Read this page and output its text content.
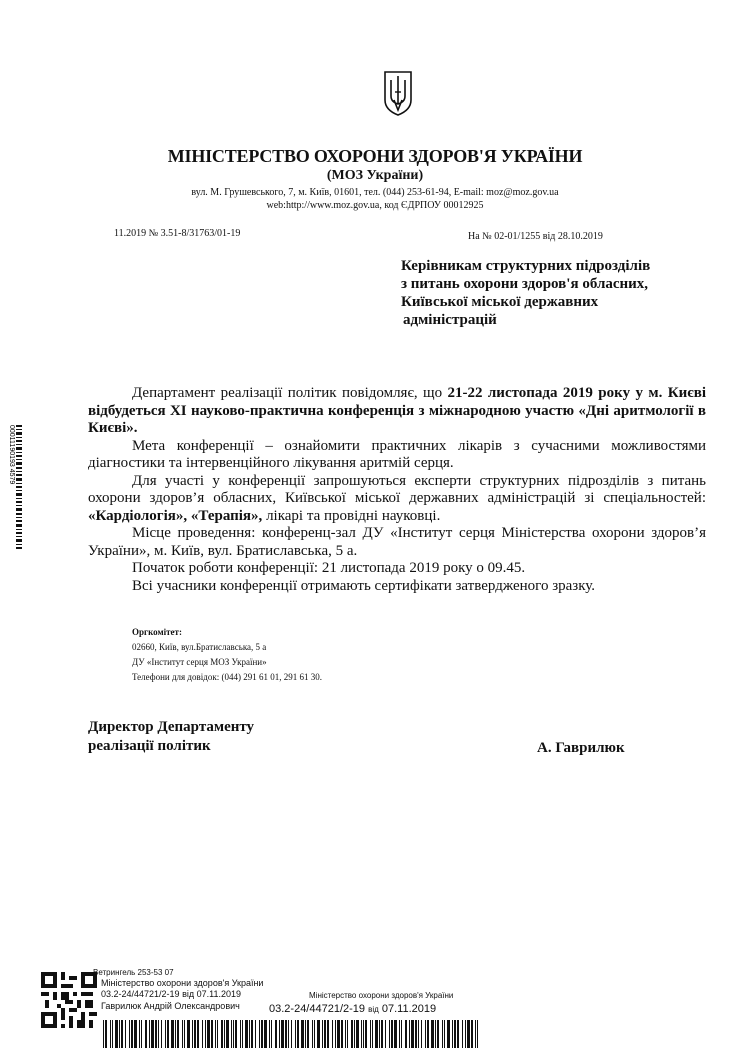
МІНІСТЕРСТВО ОХОРОНИ ЗДОРОВ'Я УКРАЇНИ
(МОЗ України)
вул. М. Грушевського, 7, м. Київ, 01601, тел. (044) 253-61-94, E-mail: moz@moz.gov.ua
web:http://www.moz.gov.ua, код ЄДРПОУ 00012925
11.2019 № 3.51-8/31763/01-19	На № 02-01/1255 від 28.10.2019
Керівникам структурних підрозділів
з питань охорони здоров'я обласних,
Київської міської державних
адміністрацій

Департамент реалізації політик повідомляє, що 21-22 листопада 2019 року у м. Києві відбудеться XI науково-практична конференція з міжнародною участю «Дні аритмології в Києві».

Мета конференції – ознайомити практичних лікарів з сучасними можливостями діагностики та інтервенційного лікування аритмій серця.

Для участі у конференції запрошуються експерти структурних підрозділів з питань охорони здоров’я обласних, Київської міської державних адміністрацій зі спеціальностей: «Кардіологія», «Терапія», лікарі та провідні науковці.

Місце проведення: конференц-зал ДУ «Інститут серця Міністерства охорони здоров’я України», м. Київ, вул. Братиславська, 5 а.

Початок роботи конференції: 21 листопада 2019 року о 09.45.

Всі учасники конференції отримають сертифікати затвердженого зразку.

Оргкомітет:
02660, Київ, вул.Братиславська, 5 а
ДУ «Інститут серця МОЗ України»
Телефони для довідок: (044) 291 61 01, 291 61 30.
Директор Департаменту
реалізації політик	А. Гаврилюк
00011190193 4579
Ветрингель 253-53 07
Міністерство охорони здоров'я України
03.2-24/44721/2-19 від 07.11.2019
Гаврилюк Андрій Олександрович
Міністерство охорони здоров'я України
03.2-24/44721/2-19 від 07.11.2019
